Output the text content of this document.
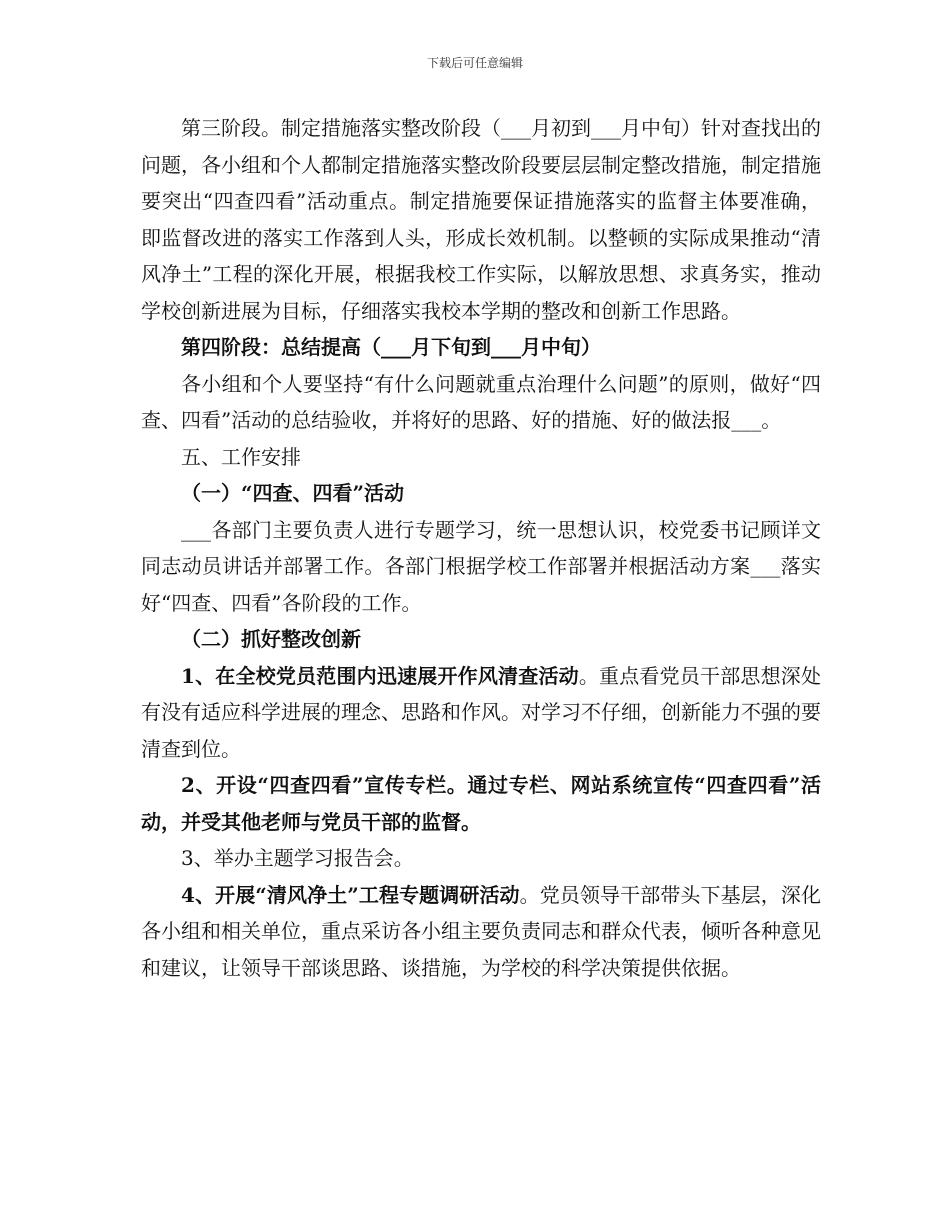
下载后可任意编辑

第三阶段。制定措施落实整改阶段（___月初到___月中旬）针对查找出的问题，各小组和个人都制定措施落实整改阶段要层层制定整改措施，制定措施要突出“四查四看”活动重点。制定措施要保证措施落实的监督主体要准确，即监督改进的落实工作落到人头，形成长效机制。以整顿的实际成果推动“清风净土”工程的深化开展，根据我校工作实际，以解放思想、求真务实，推动学校创新进展为目标，仔细落实我校本学期的整改和创新工作思路。

第四阶段：总结提高（___月下旬到___月中旬）

各小组和个人要坚持“有什么问题就重点治理什么问题”的原则，做好“四查、四看”活动的总结验收，并将好的思路、好的措施、好的做法报___。

五、工作安排

（一）“四查、四看”活动

___各部门主要负责人进行专题学习，统一思想认识，校党委书记顾详文同志动员讲话并部署工作。各部门根据学校工作部署并根据活动方案___落实好“四查、四看”各阶段的工作。

（二）抓好整改创新

1、在全校党员范围内迅速展开作风清查活动。重点看党员干部思想深处有没有适应科学进展的理念、思路和作风。对学习不仔细，创新能力不强的要清查到位。

2、开设“四查四看”宣传专栏。通过专栏、网站系统宣传“四查四看”活动，并受其他老师与党员干部的监督。

3、举办主题学习报告会。

4、开展“清风净土”工程专题调研活动。党员领导干部带头下基层，深化各小组和相关单位，重点采访各小组主要负责同志和群众代表，倾听各种意见和建议，让领导干部谈思路、谈措施，为学校的科学决策提供依据。
